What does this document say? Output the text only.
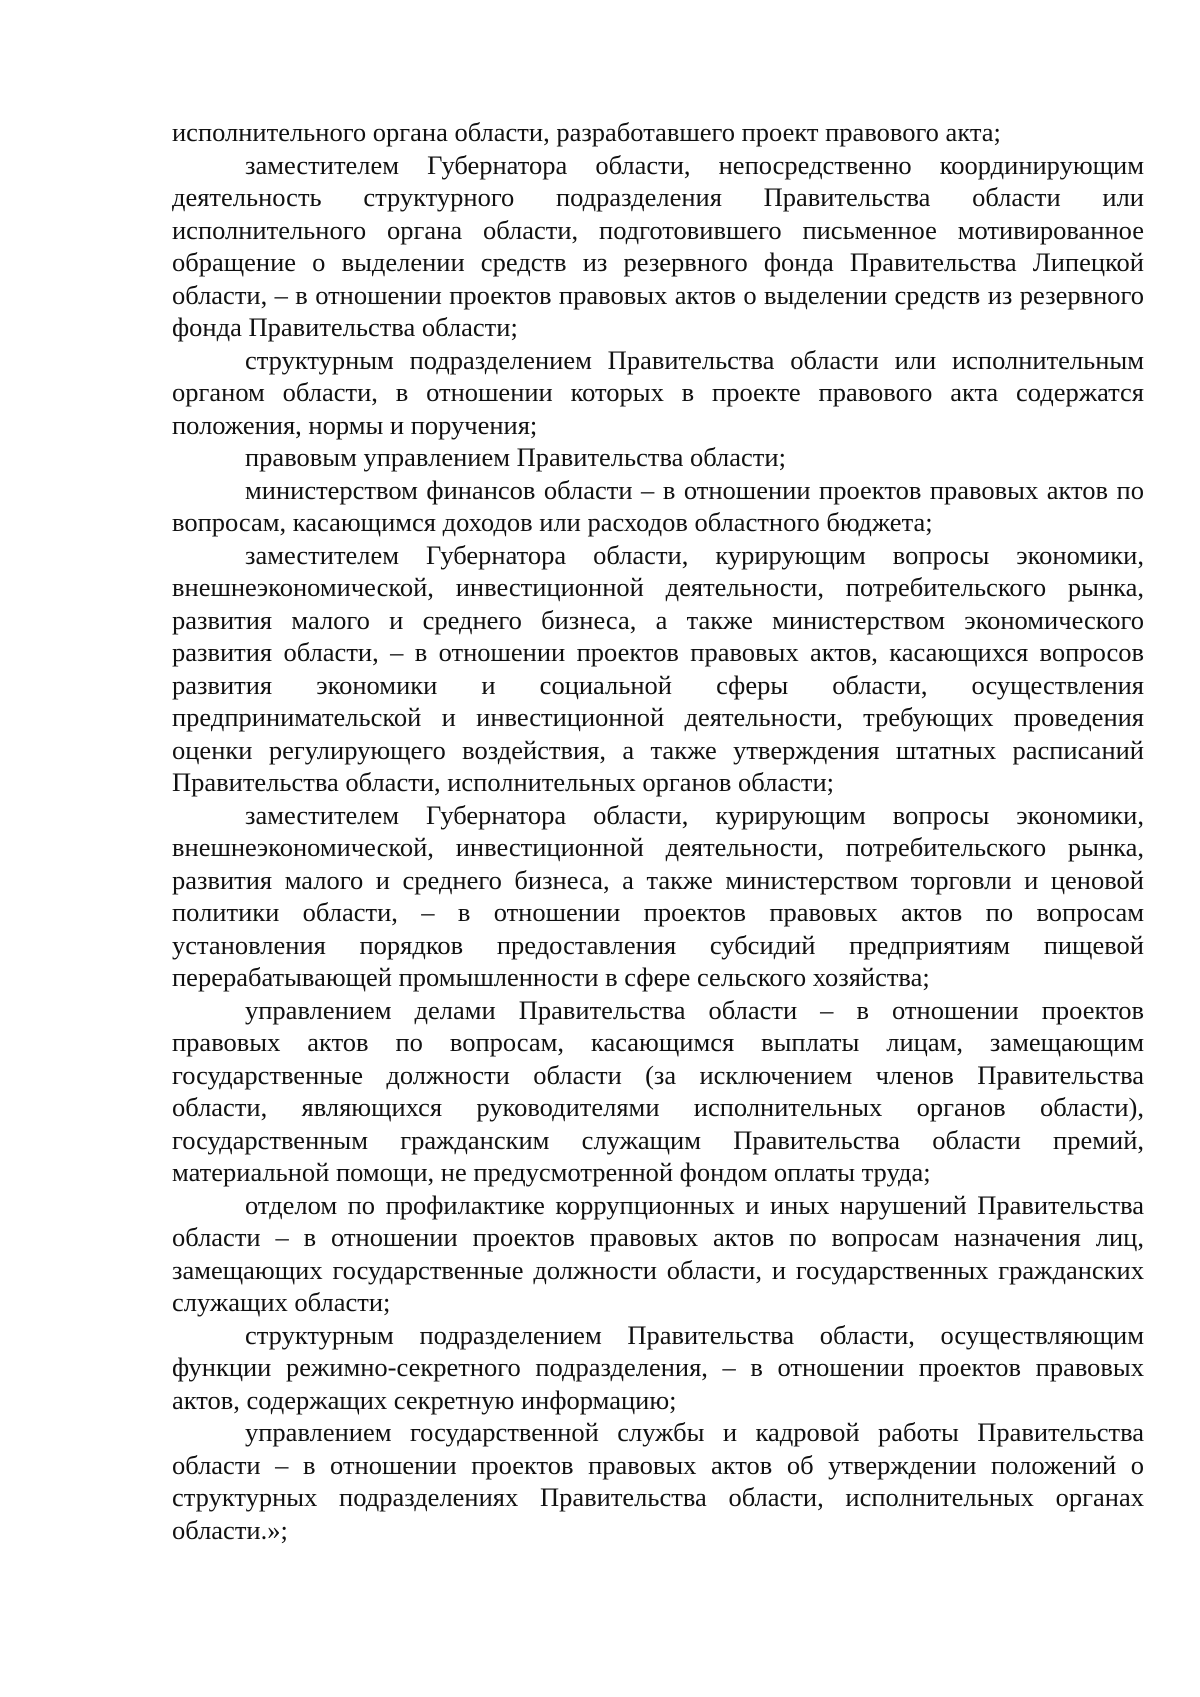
исполнительного органа области, разработавшего проект правового акта;

заместителем Губернатора области, непосредственно координирующим деятельность структурного подразделения Правительства области или исполнительного органа области, подготовившего письменное мотивированное обращение о выделении средств из резервного фонда Правительства Липецкой области, – в отношении проектов правовых актов о выделении средств из резервного фонда Правительства области;

структурным подразделением Правительства области или исполнительным органом области, в отношении которых в проекте правового акта содержатся положения, нормы и поручения;

правовым управлением Правительства области;

министерством финансов области – в отношении проектов правовых актов по вопросам, касающимся доходов или расходов областного бюджета;

заместителем Губернатора области, курирующим вопросы экономики, внешнеэкономической, инвестиционной деятельности, потребительского рынка, развития малого и среднего бизнеса, а также министерством экономического развития области, – в отношении проектов правовых актов, касающихся вопросов развития экономики и социальной сферы области, осуществления предпринимательской и инвестиционной деятельности, требующих проведения оценки регулирующего воздействия, а также утверждения штатных расписаний Правительства области, исполнительных органов области;

заместителем Губернатора области, курирующим вопросы экономики, внешнеэкономической, инвестиционной деятельности, потребительского рынка, развития малого и среднего бизнеса, а также министерством торговли и ценовой политики области, – в отношении проектов правовых актов по вопросам установления порядков предоставления субсидий предприятиям пищевой перерабатывающей промышленности в сфере сельского хозяйства;

управлением делами Правительства области – в отношении проектов правовых актов по вопросам, касающимся выплаты лицам, замещающим государственные должности области (за исключением членов Правительства области, являющихся руководителями исполнительных органов области), государственным гражданским служащим Правительства области премий, материальной помощи, не предусмотренной фондом оплаты труда;

отделом по профилактике коррупционных и иных нарушений Правительства области – в отношении проектов правовых актов по вопросам назначения лиц, замещающих государственные должности области, и государственных гражданских служащих области;

структурным подразделением Правительства области, осуществляющим функции режимно-секретного подразделения, – в отношении проектов правовых актов, содержащих секретную информацию;

управлением государственной службы и кадровой работы Правительства области – в отношении проектов правовых актов об утверждении положений о структурных подразделениях Правительства области, исполнительных органах области.»;
